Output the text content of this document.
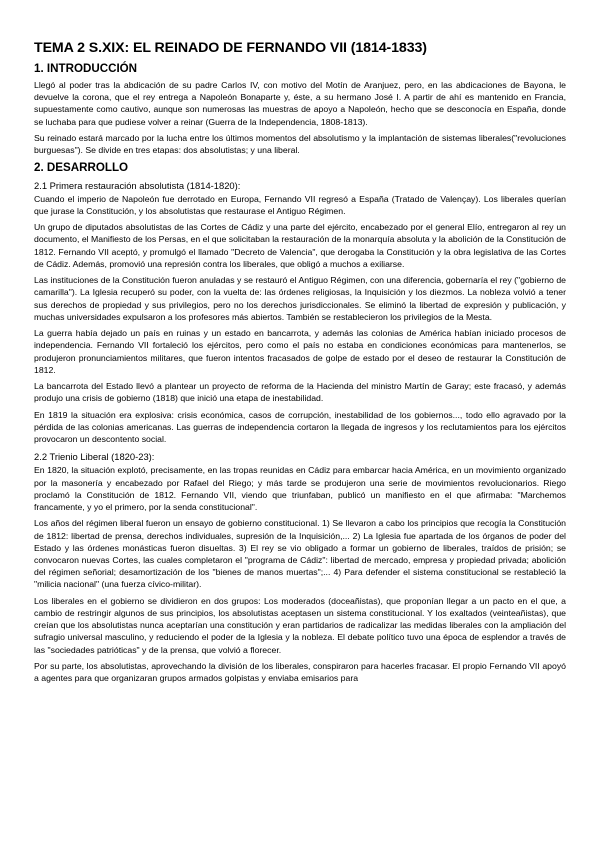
TEMA 2 S.XIX: EL REINADO DE FERNANDO VII (1814-1833)
1. INTRODUCCIÓN

Llegó al poder tras la abdicación de su padre Carlos IV, con motivo del Motín de Aranjuez, pero, en las abdicaciones de Bayona, le devuelve la corona, que el rey entrega a Napoleón Bonaparte y, éste, a su hermano José I. A partir de ahí es mantenido en Francia, supuestamente como cautivo, aunque son numerosas las muestras de apoyo a Napoleón, hecho que se desconocía en España, donde se luchaba para que pudiese volver a reinar (Guerra de la Independencia, 1808-1813).

Su reinado estará marcado por la lucha entre los últimos momentos del absolutismo y la implantación de sistemas liberales("revoluciones burguesas"). Se divide en tres etapas: dos absolutistas; y una liberal.

2. DESARROLLO
2.1 Primera restauración absolutista (1814-1820):

Cuando el imperio de Napoleón fue derrotado en Europa, Fernando VII regresó a España (Tratado de Valençay). Los liberales querían que jurase la Constitución, y los absolutistas que restaurase el Antiguo Régimen.

Un grupo de diputados absolutistas de las Cortes de Cádiz y una parte del ejército, encabezado por el general Elío, entregaron al rey un documento, el Manifiesto de los Persas, en el que solicitaban la restauración de la monarquía absoluta y la abolición de la Constitución de 1812. Fernando VII aceptó, y promulgó el llamado "Decreto de Valencia", que derogaba la Constitución y la obra legislativa de las Cortes de Cádiz. Además, promovió una represión contra los liberales, que obligó a muchos a exiliarse.

Las instituciones de la Constitución fueron anuladas y se restauró el Antiguo Régimen, con una diferencia, gobernaría el rey ("gobierno de camarilla"). La Iglesia recuperó su poder, con la vuelta de: las órdenes religiosas, la Inquisición y los diezmos. La nobleza volvió a tener sus derechos de propiedad y sus privilegios, pero no los derechos jurisdiccionales. Se eliminó la libertad de expresión y publicación, y muchas universidades expulsaron a los profesores más abiertos. También se restablecieron los privilegios de la Mesta.

La guerra había dejado un país en ruinas y un estado en bancarrota, y además las colonias de América habían iniciado procesos de independencia. Fernando VII fortaleció los ejércitos, pero como el país no estaba en condiciones económicas para mantenerlos, se produjeron pronunciamientos militares, que fueron intentos fracasados de golpe de estado por el deseo de restaurar la Constitución de 1812.

La bancarrota del Estado llevó a plantear un proyecto de reforma de la Hacienda del ministro Martín de Garay; este fracasó, y además produjo una crisis de gobierno (1818) que inició una etapa de inestabilidad.

En 1819 la situación era explosiva: crisis económica, casos de corrupción, inestabilidad de los gobiernos..., todo ello agravado por la pérdida de las colonias americanas. Las guerras de independencia cortaron la llegada de ingresos y los reclutamientos para los ejércitos provocaron un descontento social.

2.2 Trienio Liberal (1820-23):

En 1820, la situación explotó, precisamente, en las tropas reunidas en Cádiz para embarcar hacia América, en un movimiento organizado por la masonería y encabezado por Rafael del Riego; y más tarde se produjeron una serie de movimientos revolucionarios. Riego proclamó la Constitución de 1812. Fernando VII, viendo que triunfaban, publicó un manifiesto en el que afirmaba: "Marchemos francamente, y yo el primero, por la senda constitucional".

Los años del régimen liberal fueron un ensayo de gobierno constitucional. 1) Se llevaron a cabo los principios que recogía la Constitución de 1812: libertad de prensa, derechos individuales, supresión de la Inquisición,... 2) La Iglesia fue apartada de los órganos de poder del Estado y las órdenes monásticas fueron disueltas. 3) El rey se vio obligado a formar un gobierno de liberales, traídos de prisión; se convocaron nuevas Cortes, las cuales completaron el "programa de Cádiz": libertad de mercado, empresa y propiedad privada; abolición del régimen señorial; desamortización de los "bienes de manos muertas";... 4) Para defender el sistema constitucional se restableció la "milicia nacional" (una fuerza cívico-militar).

Los liberales en el gobierno se dividieron en dos grupos: Los moderados (doceañistas), que proponían llegar a un pacto en el que, a cambio de restringir algunos de sus principios, los absolutistas aceptasen un sistema constitucional. Y los exaltados (veinteañistas), que creían que los absolutistas nunca aceptarían una constitución y eran partidarios de radicalizar las medidas liberales con la ampliación del sufragio universal masculino, y reduciendo el poder de la Iglesia y la nobleza. El debate político tuvo una época de esplendor a través de las "sociedades patrióticas" y de la prensa, que volvió a florecer.

Por su parte, los absolutistas, aprovechando la división de los liberales, conspiraron para hacerles fracasar. El propio Fernando VII apoyó a agentes para que organizaran grupos armados golpistas y enviaba emisarios para
